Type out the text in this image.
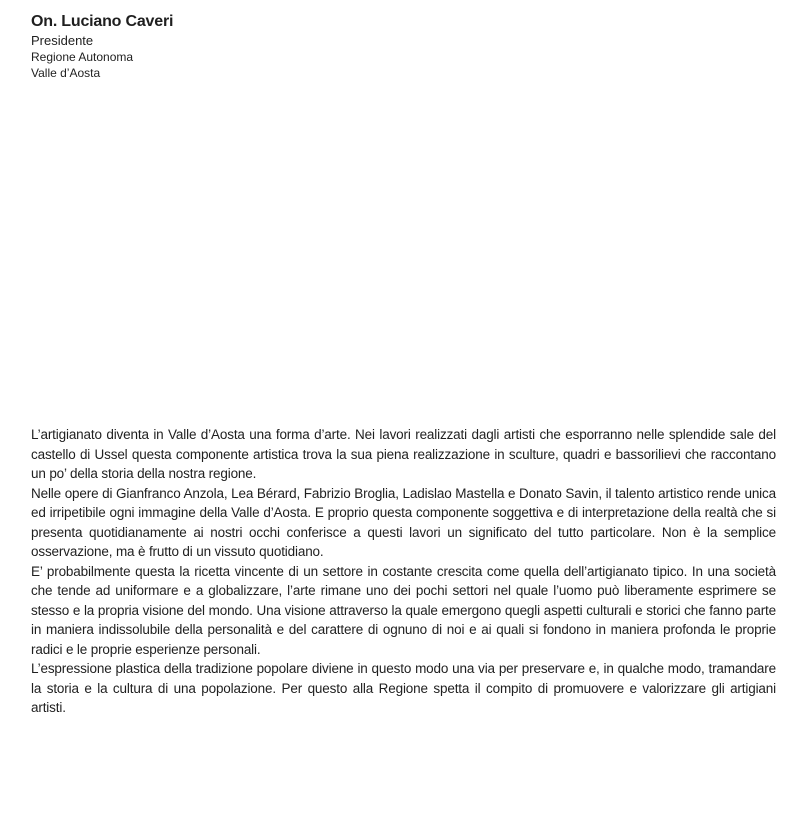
On. Luciano Caveri
Presidente
Regione Autonoma
Valle d’Aosta

L’artigianato diventa in Valle d’Aosta una forma d’arte. Nei lavori realizzati dagli artisti che esporranno nelle splendide sale del castello di Ussel questa componente artistica trova la sua piena realizzazione in sculture, quadri e bassorilievi che raccontano un po’ della storia della nostra regione.

Nelle opere di Gianfranco Anzola, Lea Bérard, Fabrizio Broglia, Ladislao Mastella e Donato Savin, il talento artistico rende unica ed irripetibile ogni immagine della Valle d’Aosta. E proprio questa componente soggettiva e di interpretazione della realtà che si presenta quotidianamente ai nostri occhi conferisce a questi lavori un significato del tutto particolare. Non è la semplice osservazione, ma è frutto di un vissuto quotidiano.

E’ probabilmente questa la ricetta vincente di un settore in costante crescita come quella dell’artigianato tipico. In una società che tende ad uniformare e a globalizzare, l’arte rimane uno dei pochi settori nel quale l’uomo può liberamente esprimere se stesso e la propria visione del mondo. Una visione attraverso la quale emergono quegli aspetti culturali e storici che fanno parte in maniera indissolubile della personalità e del carattere di ognuno di noi e ai quali si fondono in maniera profonda le proprie radici e le proprie esperienze personali.

L’espressione plastica della tradizione popolare diviene in questo modo una via per preservare e, in qualche modo, tramandare la storia e la cultura di una popolazione. Per questo alla Regione spetta il compito di promuovere e valorizzare gli artigiani artisti.
